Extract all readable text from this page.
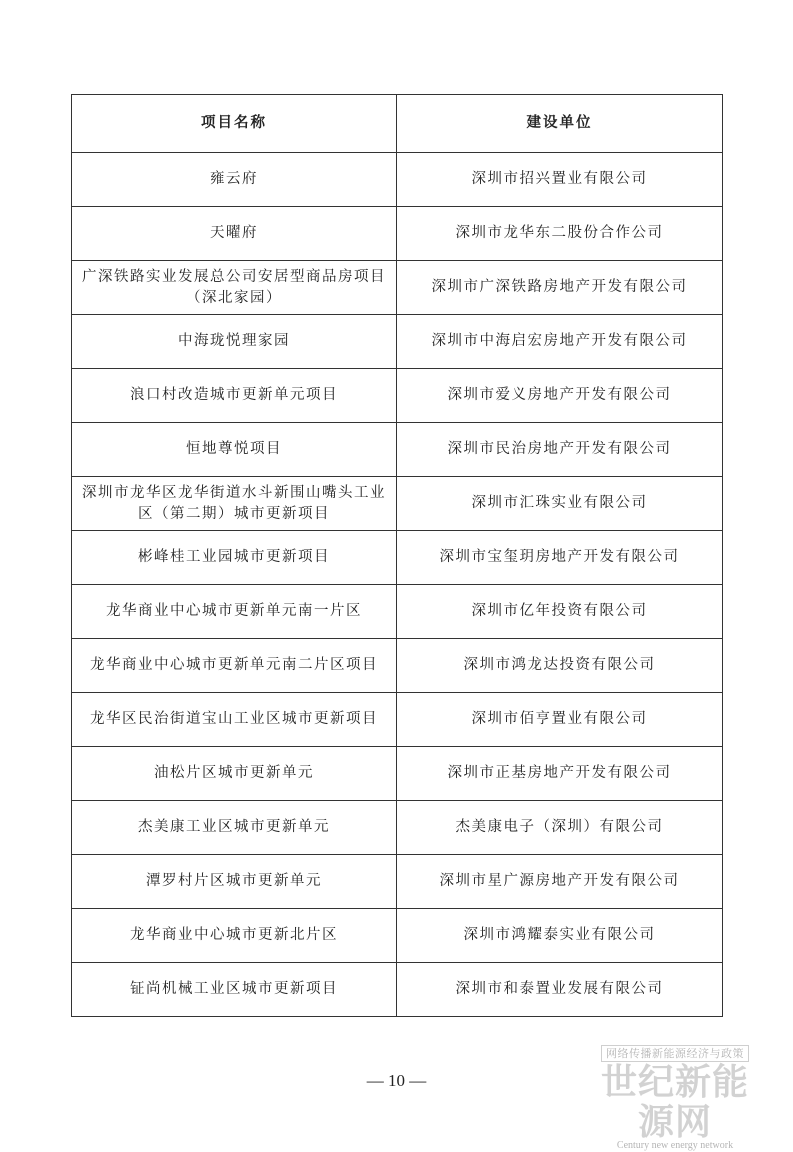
项目名称	建设单位
雍云府	深圳市招兴置业有限公司
天曜府	深圳市龙华东二股份合作公司
广深铁路实业发展总公司安居型商品房项目（深北家园）	深圳市广深铁路房地产开发有限公司
中海珑悦理家园	深圳市中海启宏房地产开发有限公司
浪口村改造城市更新单元项目	深圳市爱义房地产开发有限公司
恒地尊悦项目	深圳市民治房地产开发有限公司
深圳市龙华区龙华街道水斗新围山嘴头工业区（第二期）城市更新项目	深圳市汇珠实业有限公司
彬峰桂工业园城市更新项目	深圳市宝玺玥房地产开发有限公司
龙华商业中心城市更新单元南一片区	深圳市亿年投资有限公司
龙华商业中心城市更新单元南二片区项目	深圳市鸿龙达投资有限公司
龙华区民治街道宝山工业区城市更新项目	深圳市佰亨置业有限公司
油松片区城市更新单元	深圳市正基房地产开发有限公司
杰美康工业区城市更新单元	杰美康电子（深圳）有限公司
潭罗村片区城市更新单元	深圳市星广源房地产开发有限公司
龙华商业中心城市更新北片区	深圳市鸿耀泰实业有限公司
钲尚机械工业区城市更新项目	深圳市和泰置业发展有限公司
网络传播新能源经济与政策
世纪新能源网
Century new energy network
— 10 —
